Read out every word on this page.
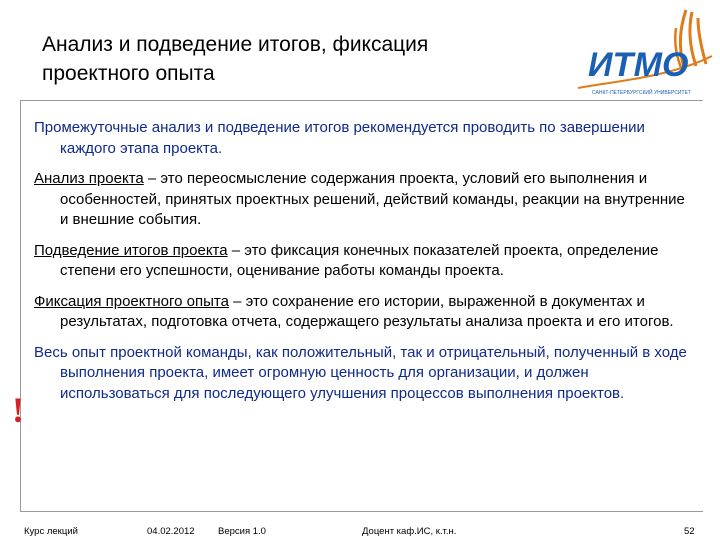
Анализ и подведение итогов, фиксация
проектного опыта	ИТМО
САНКТ-ПЕТЕРБУРГСКИЙ УНИВЕРСИТЕТ

Промежуточные анализ и подведение итогов рекомендуется проводить по завершении каждого этапа проекта.

Анализ проекта – это переосмысление содержания проекта, условий его выполнения и особенностей, принятых проектных решений, действий команды, реакции на внутренние и внешние события.

Подведение итогов проекта – это фиксация конечных показателей проекта, определение степени его успешности, оценивание работы команды проекта.

Фиксация проектного опыта – это сохранение его истории, выраженной в документах и результатах, подготовка отчета, содержащего результаты анализа проекта и его итогов.

Весь опыт проектной команды, как положительный, так и отрицательный, полученный в ходе выполнения проекта, имеет огромную ценность для организации, и должен использоваться для последующего улучшения процессов выполнения проектов.

!
Курс лекций	04.02.2012 Версия 1.0	Доцент каф.ИС, к.т.н.	52
